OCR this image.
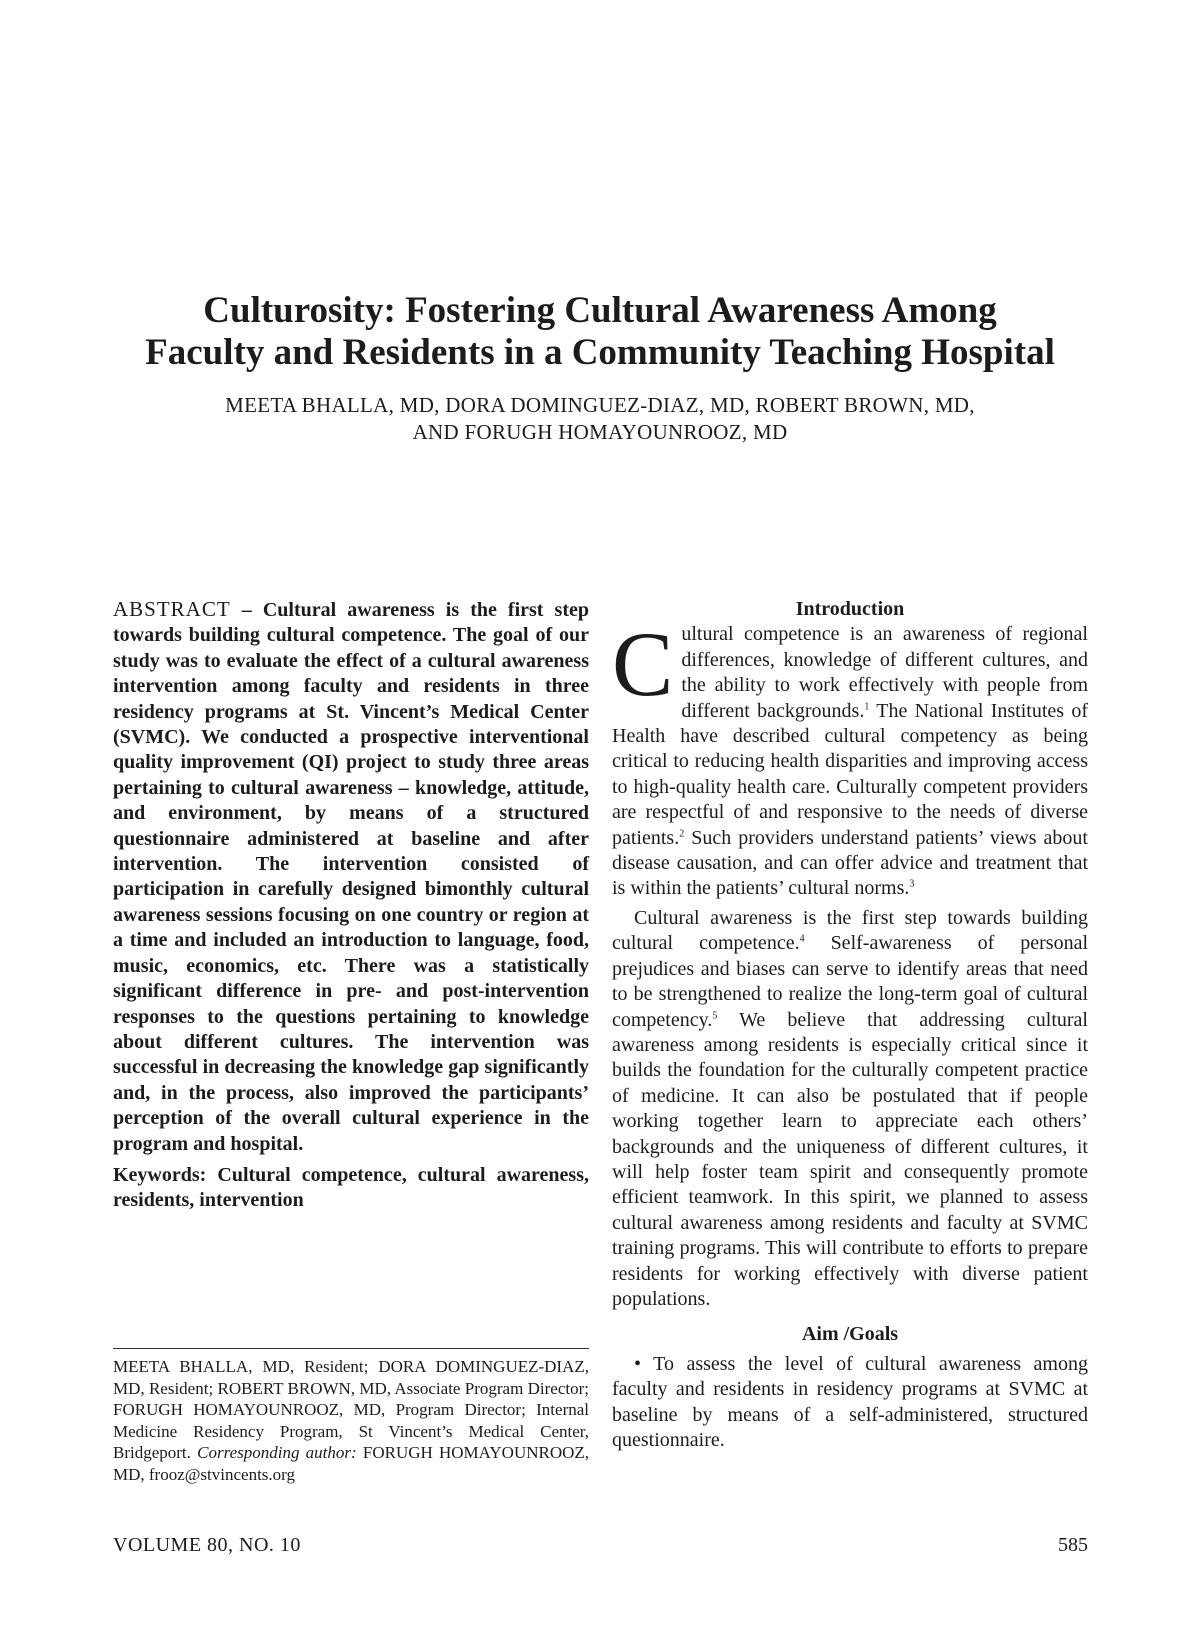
Culturosity: Fostering Cultural Awareness Among
Faculty and Residents in a Community Teaching Hospital
MEETA BHALLA, MD, DORA DOMINGUEZ-DIAZ, MD, ROBERT BROWN, MD,
AND FORUGH HOMAYOUNROOZ, MD
ABSTRACT – Cultural awareness is the first step towards building cultural competence. The goal of our study was to evaluate the effect of a cultural awareness intervention among faculty and residents in three residency programs at St. Vincent’s Medical Center (SVMC). We conducted a prospective interventional quality improvement (QI) project to study three areas pertaining to cultural awareness – knowledge, attitude, and environment, by means of a structured questionnaire administered at baseline and after intervention. The intervention consisted of participation in carefully designed bimonthly cultural awareness sessions focusing on one country or region at a time and included an introduction to language, food, music, economics, etc. There was a statistically significant difference in pre- and post-intervention responses to the questions pertaining to knowledge about different cultures. The intervention was successful in decreasing the knowledge gap significantly and, in the process, also improved the participants’ perception of the overall cultural experience in the program and hospital.
Keywords: Cultural competence, cultural awareness, residents, intervention
MEETA BHALLA, MD, Resident; DORA DOMINGUEZ-DIAZ, MD, Resident; ROBERT BROWN, MD, Associate Program Director; FORUGH HOMAYOUNROOZ, MD, Program Director; Internal Medicine Residency Program, St Vincent’s Medical Center, Bridgeport. Corresponding author: FORUGH HOMAYOUNROOZ, MD, frooz@stvincents.org

Introduction

Cultural competence is an awareness of regional differences, knowledge of different cultures, and the ability to work effectively with people from different backgrounds.$^1$ The National Institutes of Health have described cultural competency as being critical to reducing health disparities and improving access to high-quality health care. Culturally competent providers are respectful of and responsive to the needs of diverse patients.$^2$ Such providers understand patients’ views about disease causation, and can offer advice and treatment that is within the patients’ cultural norms.$^3$

Cultural awareness is the first step towards building cultural competence.$^4$ Self-awareness of personal prejudices and biases can serve to identify areas that need to be strengthened to realize the long-term goal of cultural competency.$^5$ We believe that addressing cultural awareness among residents is especially critical since it builds the foundation for the culturally competent practice of medicine. It can also be postulated that if people working together learn to appreciate each others’ backgrounds and the uniqueness of different cultures, it will help foster team spirit and consequently promote efficient teamwork. In this spirit, we planned to assess cultural awareness among residents and faculty at SVMC training programs. This will contribute to efforts to prepare residents for working effectively with diverse patient populations.

Aim /Goals

• To assess the level of cultural awareness among faculty and residents in residency programs at SVMC at baseline by means of a self-administered, structured questionnaire.

VOLUME 80, NO. 10	585
